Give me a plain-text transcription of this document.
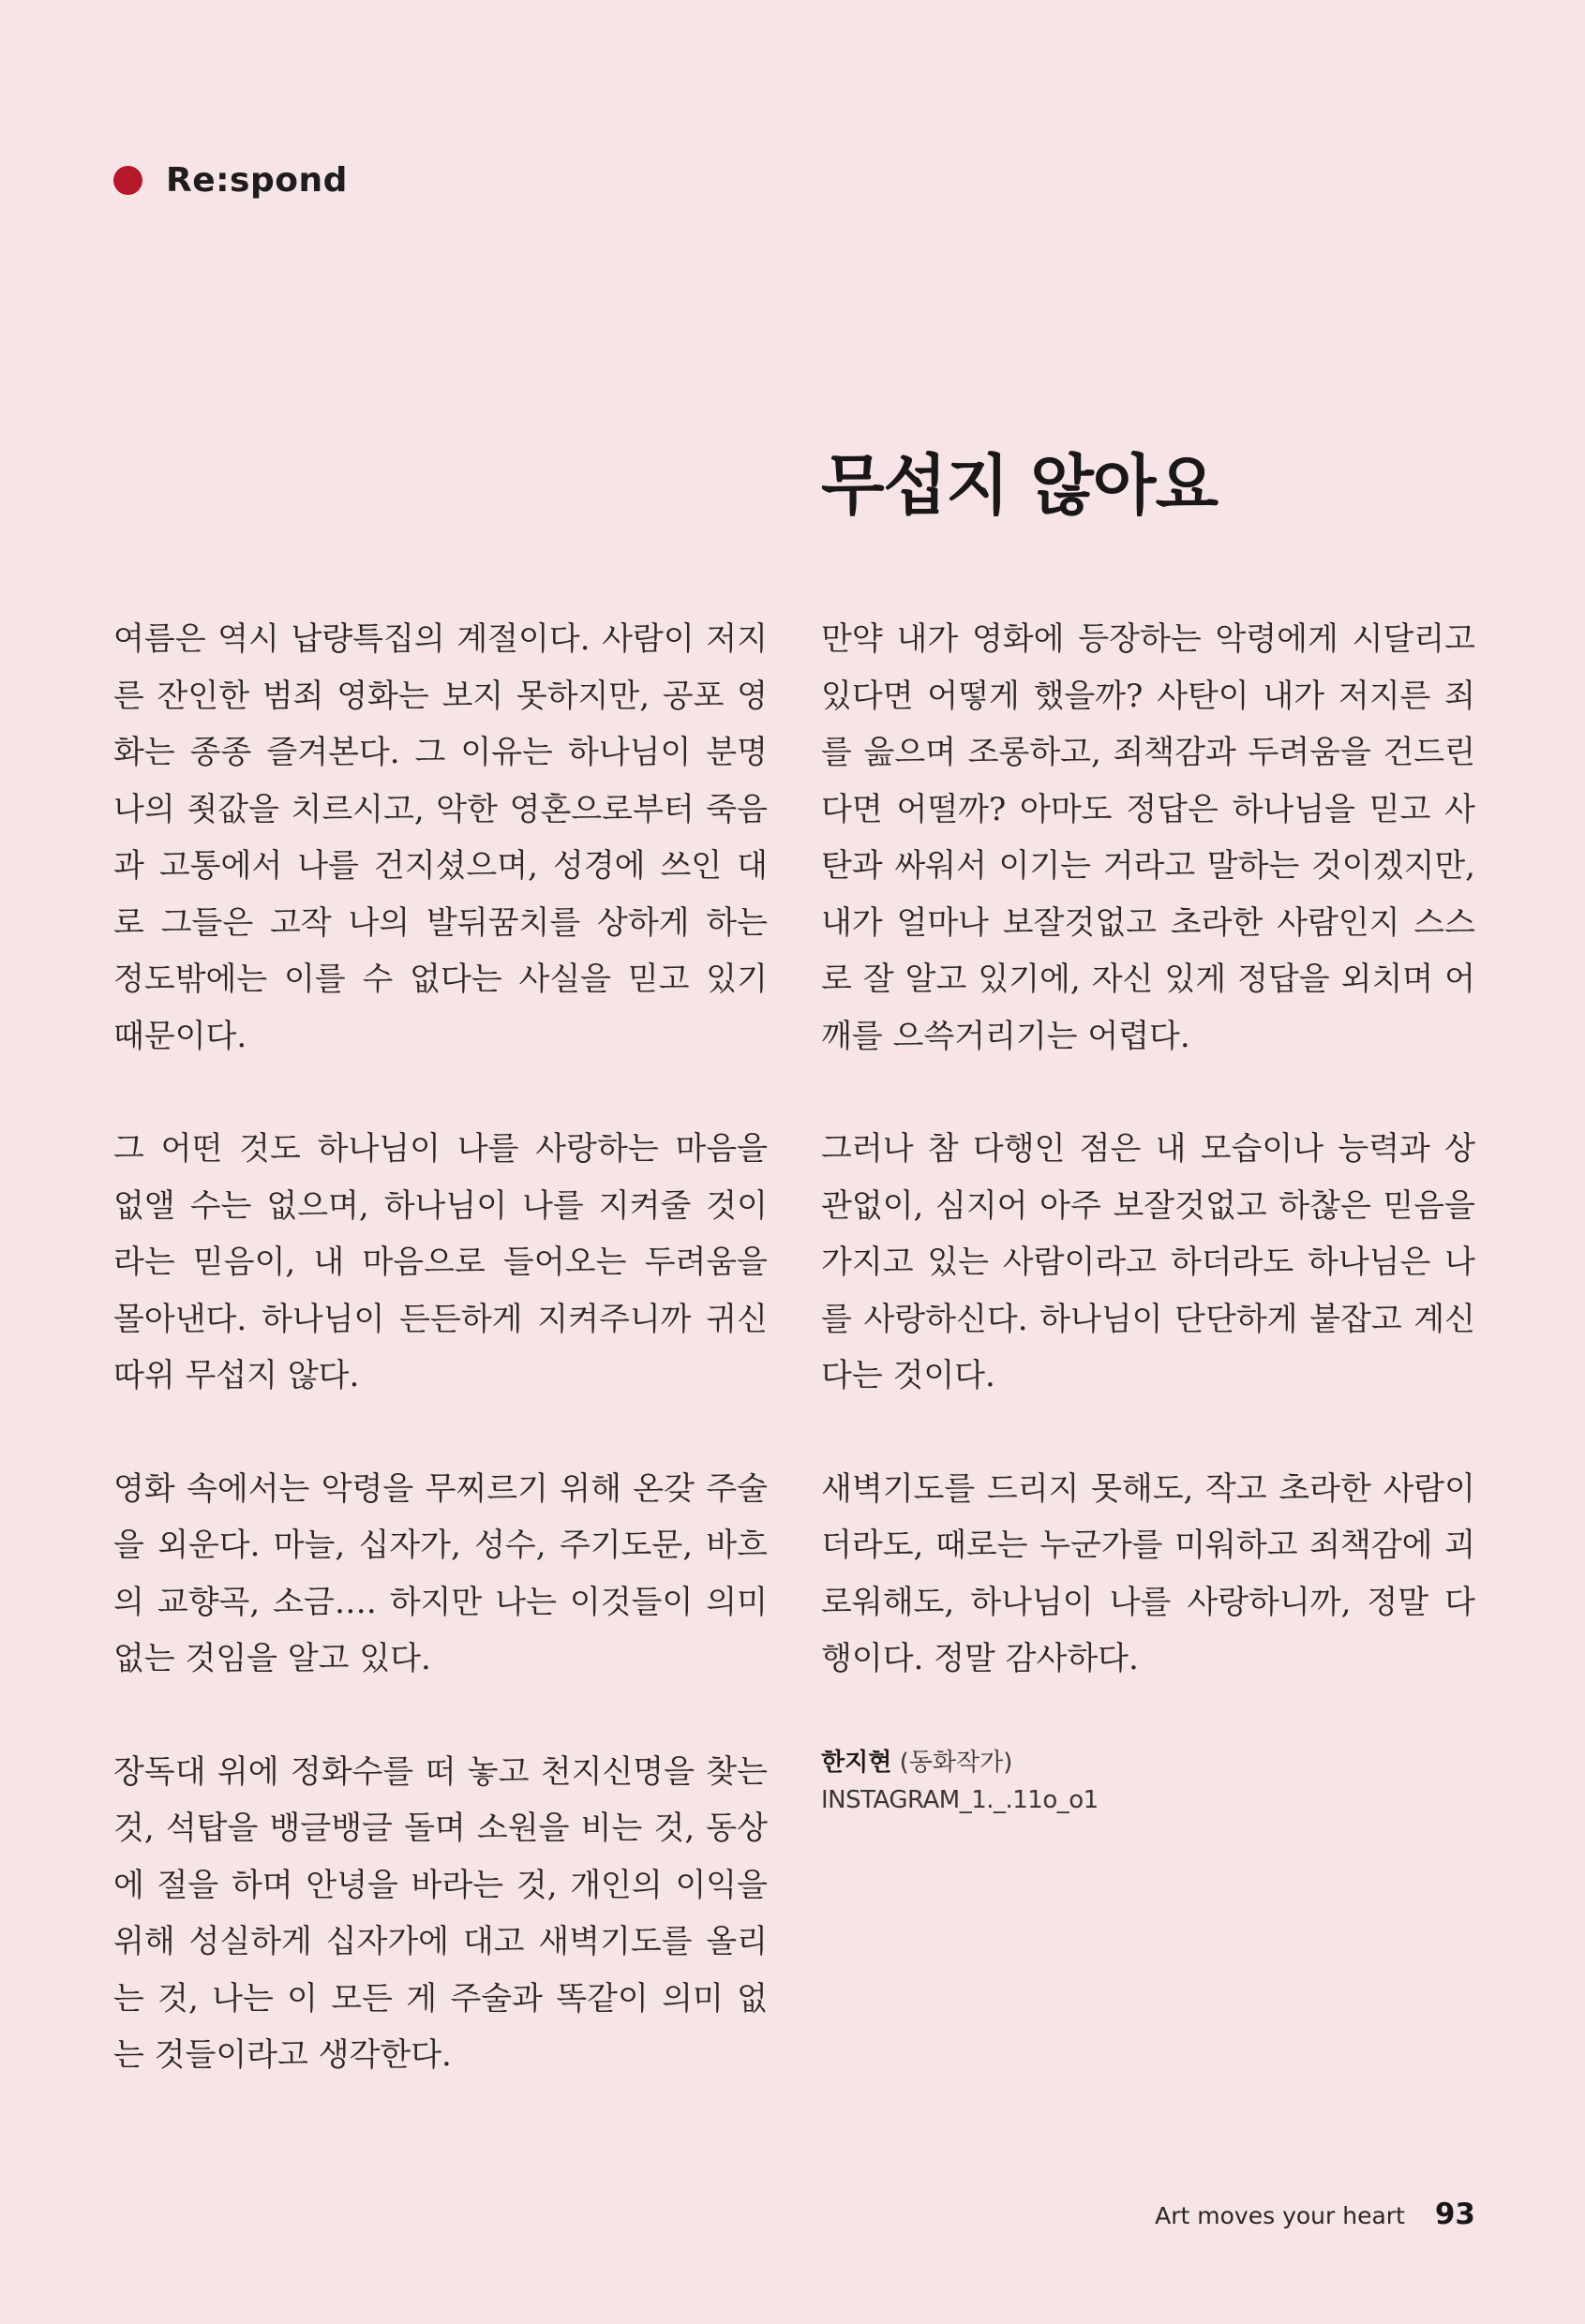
Re:spond
무섭지 않아요

여름은 역시 납량특집의 계절이다. 사람이 저지른 잔인한 범죄 영화는 보지 못하지만, 공포 영화는 종종 즐겨본다. 그 이유는 하나님이 분명 나의 죗값을 치르시고, 악한 영혼으로부터 죽음과 고통에서 나를 건지셨으며, 성경에 쓰인 대로 그들은 고작 나의 발뒤꿈치를 상하게 하는 정도밖에는 이를 수 없다는 사실을 믿고 있기 때문이다.

그 어떤 것도 하나님이 나를 사랑하는 마음을 없앨 수는 없으며, 하나님이 나를 지켜줄 것이라는 믿음이, 내 마음으로 들어오는 두려움을 몰아낸다. 하나님이 든든하게 지켜주니까 귀신 따위 무섭지 않다.

영화 속에서는 악령을 무찌르기 위해 온갖 주술을 외운다. 마늘, 십자가, 성수, 주기도문, 바흐의 교향곡, 소금…. 하지만 나는 이것들이 의미 없는 것임을 알고 있다.

장독대 위에 정화수를 떠 놓고 천지신명을 찾는 것, 석탑을 뱅글뱅글 돌며 소원을 비는 것, 동상에 절을 하며 안녕을 바라는 것, 개인의 이익을 위해 성실하게 십자가에 대고 새벽기도를 올리는 것, 나는 이 모든 게 주술과 똑같이 의미 없는 것들이라고 생각한다.

만약 내가 영화에 등장하는 악령에게 시달리고 있다면 어떻게 했을까? 사탄이 내가 저지른 죄를 읊으며 조롱하고, 죄책감과 두려움을 건드린다면 어떨까? 아마도 정답은 하나님을 믿고 사탄과 싸워서 이기는 거라고 말하는 것이겠지만, 내가 얼마나 보잘것없고 초라한 사람인지 스스로 잘 알고 있기에, 자신 있게 정답을 외치며 어깨를 으쓱거리기는 어렵다.

그러나 참 다행인 점은 내 모습이나 능력과 상관없이, 심지어 아주 보잘것없고 하찮은 믿음을 가지고 있는 사람이라고 하더라도 하나님은 나를 사랑하신다. 하나님이 단단하게 붙잡고 계신다는 것이다.

새벽기도를 드리지 못해도, 작고 초라한 사람이더라도, 때로는 누군가를 미워하고 죄책감에 괴로워해도, 하나님이 나를 사랑하니까, 정말 다행이다. 정말 감사하다.

한지현 (동화작가)
INSTAGRAM_1._.11o_o1
Art moves your heart 93
